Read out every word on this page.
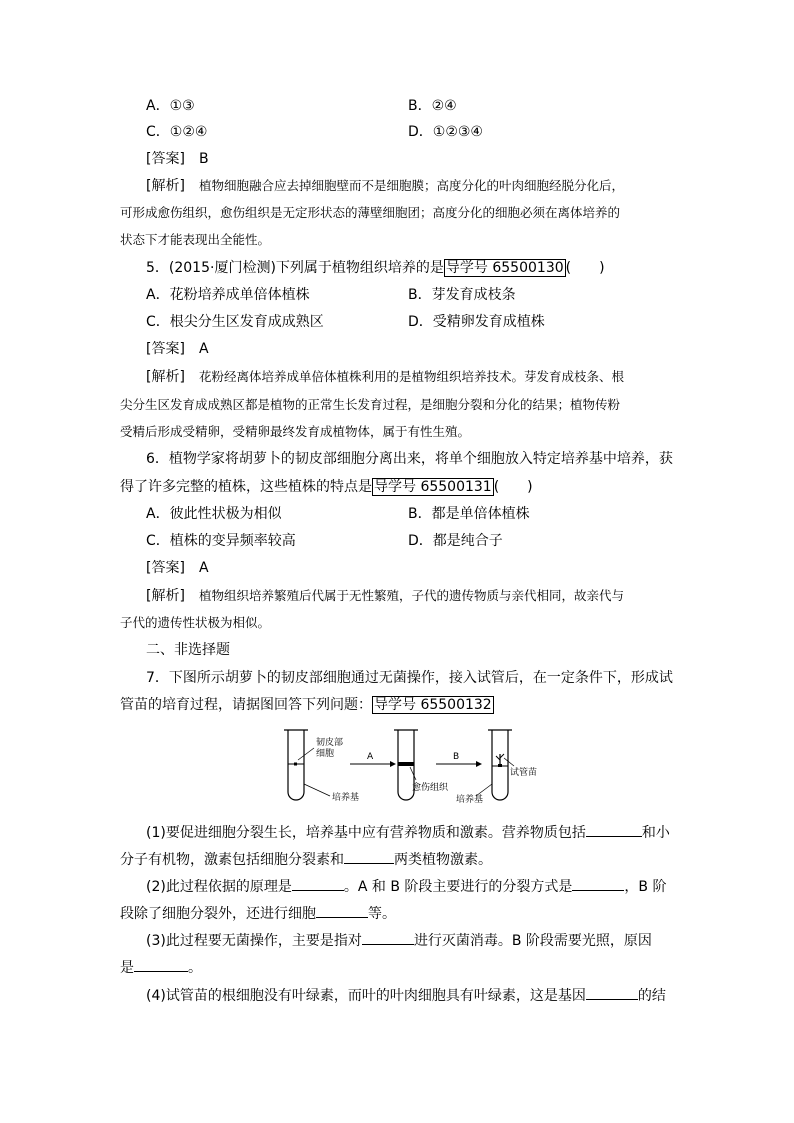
A．①③	B．②④
C．①②④	D．①②③④
[答案]　 B
[解析]　 植物细胞融合应去掉细胞壁而不是细胞膜；高度分化的叶肉细胞经脱分化后，
可形成愈伤组织，愈伤组织是无定形状态的薄壁细胞团；高度分化的细胞必须在离体培养的
状态下才能表现出全能性。
5．(2015·厦门检测)下列属于植物组织培养的是 导学号 65500130 (　　)
A．花粉培养成单倍体植株	B．芽发育成枝条
C．根尖分生区发育成成熟区	D．受精卵发育成植株
[答案]　 A
[解析]　 花粉经离体培养成单倍体植株利用的是植物组织培养技术。芽发育成枝条、根
尖分生区发育成成熟区都是植物的正常生长发育过程，是细胞分裂和分化的结果；植物传粉
受精后形成受精卵，受精卵最终发育成植物体，属于有性生殖。
6．植物学家将胡萝卜的韧皮部细胞分离出来，将单个细胞放入特定培养基中培养，获
得了许多完整的植株，这些植株的特点是 导学号 65500131 (　　)
A．彼此性状极为相似	B．都是单倍体植株
C．植株的变异频率较高	D．都是纯合子
[答案]　 A
[解析]　 植物组织培养繁殖后代属于无性繁殖，子代的遗传物质与亲代相同，故亲代与
子代的遗传性状极为相似。
二、非选择题
7．下图所示胡萝卜的韧皮部细胞通过无菌操作，接入试管后，在一定条件下，形成试
管苗的培育过程，请据图回答下列问题： 导学号 65500132
韧皮部
细胞
培养基
A
愈伤组织
B
试管苗
培养基
(1)要促进细胞分裂生长，培养基中应有营养物质和激素。营养物质包括	和小
分子有机物，激素包括细胞分裂素和	两类植物激素。
(2)此过程依据的原理是	。A 和 B 阶段主要进行的分裂方式是	，B 阶
段除了细胞分裂外，还进行细胞	等。
(3)此过程要无菌操作，主要是指对	进行灭菌消毒。B 阶段需要光照，原因
是	。
(4)试管苗的根细胞没有叶绿素，而叶的叶肉细胞具有叶绿素，这是基因	的结
